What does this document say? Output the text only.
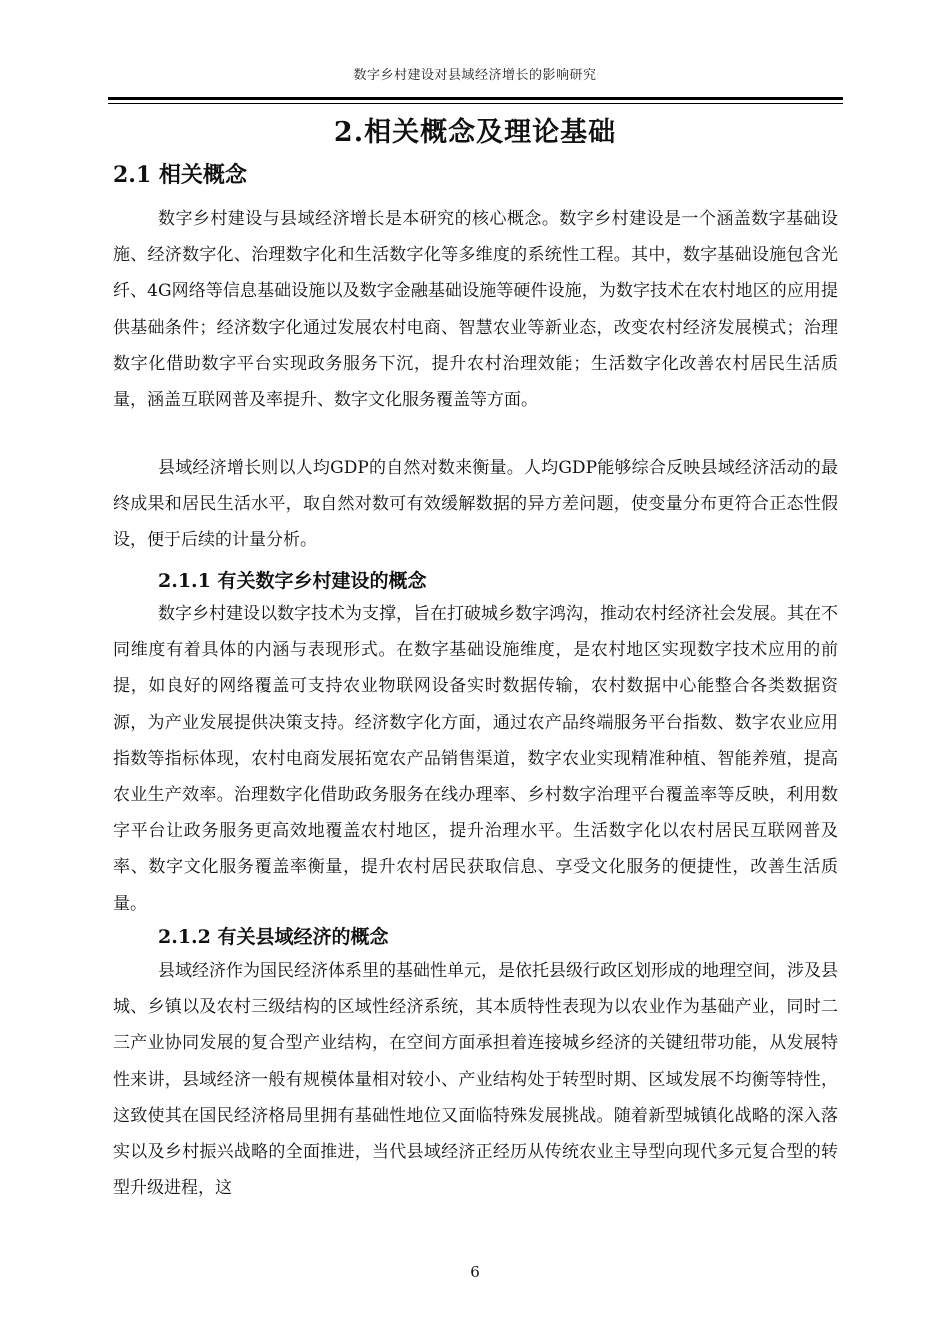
数字乡村建设对县域经济增长的影响研究
2.相关概念及理论基础
2.1 相关概念

数字乡村建设与县域经济增长是本研究的核心概念。数字乡村建设是一个涵盖数字基础设施、经济数字化、治理数字化和生活数字化等多维度的系统性工程。其中，数字基础设施包含光纤、4G网络等信息基础设施以及数字金融基础设施等硬件设施，为数字技术在农村地区的应用提供基础条件；经济数字化通过发展农村电商、智慧农业等新业态，改变农村经济发展模式；治理数字化借助数字平台实现政务服务下沉，提升农村治理效能；生活数字化改善农村居民生活质量，涵盖互联网普及率提升、数字文化服务覆盖等方面。

县域经济增长则以人均GDP的自然对数来衡量。人均GDP能够综合反映县域经济活动的最终成果和居民生活水平，取自然对数可有效缓解数据的异方差问题，使变量分布更符合正态性假设，便于后续的计量分析。

2.1.1 有关数字乡村建设的概念

数字乡村建设以数字技术为支撑，旨在打破城乡数字鸿沟，推动农村经济社会发展。其在不同维度有着具体的内涵与表现形式。在数字基础设施维度，是农村地区实现数字技术应用的前提，如良好的网络覆盖可支持农业物联网设备实时数据传输，农村数据中心能整合各类数据资源，为产业发展提供决策支持。经济数字化方面，通过农产品终端服务平台指数、数字农业应用指数等指标体现，农村电商发展拓宽农产品销售渠道，数字农业实现精准种植、智能养殖，提高农业生产效率。治理数字化借助政务服务在线办理率、乡村数字治理平台覆盖率等反映，利用数字平台让政务服务更高效地覆盖农村地区，提升治理水平。生活数字化以农村居民互联网普及率、数字文化服务覆盖率衡量，提升农村居民获取信息、享受文化服务的便捷性，改善生活质量。

2.1.2 有关县域经济的概念

县域经济作为国民经济体系里的基础性单元，是依托县级行政区划形成的地理空间，涉及县城、乡镇以及农村三级结构的区域性经济系统，其本质特性表现为以农业作为基础产业，同时二三产业协同发展的复合型产业结构，在空间方面承担着连接城乡经济的关键纽带功能，从发展特性来讲，县域经济一般有规模体量相对较小、产业结构处于转型时期、区域发展不均衡等特性，这致使其在国民经济格局里拥有基础性地位又面临特殊发展挑战。随着新型城镇化战略的深入落实以及乡村振兴战略的全面推进，当代县域经济正经历从传统农业主导型向现代多元复合型的转型升级进程，这

6
